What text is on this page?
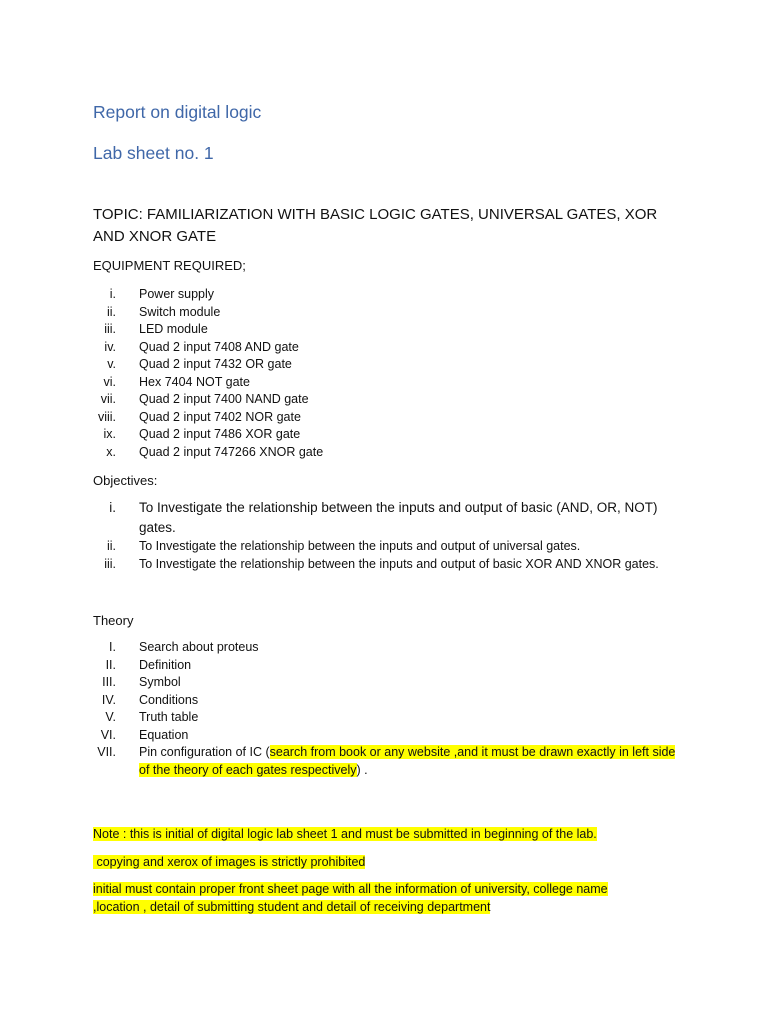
Report on digital logic
Lab sheet no. 1
TOPIC: FAMILIARIZATION WITH BASIC LOGIC GATES, UNIVERSAL GATES, XOR AND XNOR GATE
EQUIPMENT REQUIRED;
i. Power supply
ii. Switch module
iii. LED module
iv. Quad 2 input 7408 AND gate
v. Quad 2 input 7432 OR gate
vi. Hex 7404 NOT gate
vii. Quad 2 input 7400 NAND gate
viii. Quad 2 input 7402 NOR gate
ix. Quad 2 input 7486 XOR gate
x. Quad 2 input 747266 XNOR gate
Objectives:
i. To Investigate the relationship between the inputs and output of basic (AND, OR, NOT) gates.
ii. To Investigate the relationship between the inputs and output of universal gates.
iii. To Investigate the relationship between the inputs and output of basic XOR AND XNOR gates.
Theory
I. Search about proteus
II. Definition
III. Symbol
IV. Conditions
V. Truth table
VI. Equation
VII. Pin configuration of IC (search from book or any website ,and it must be drawn exactly in left side of the theory of each gates respectively) .
Note : this is initial of digital logic lab sheet 1 and must be submitted in beginning of the lab.
copying and xerox of images is strictly prohibited
initial must contain proper front sheet page with all the information of university, college name ,location , detail of submitting student and detail of receiving department
